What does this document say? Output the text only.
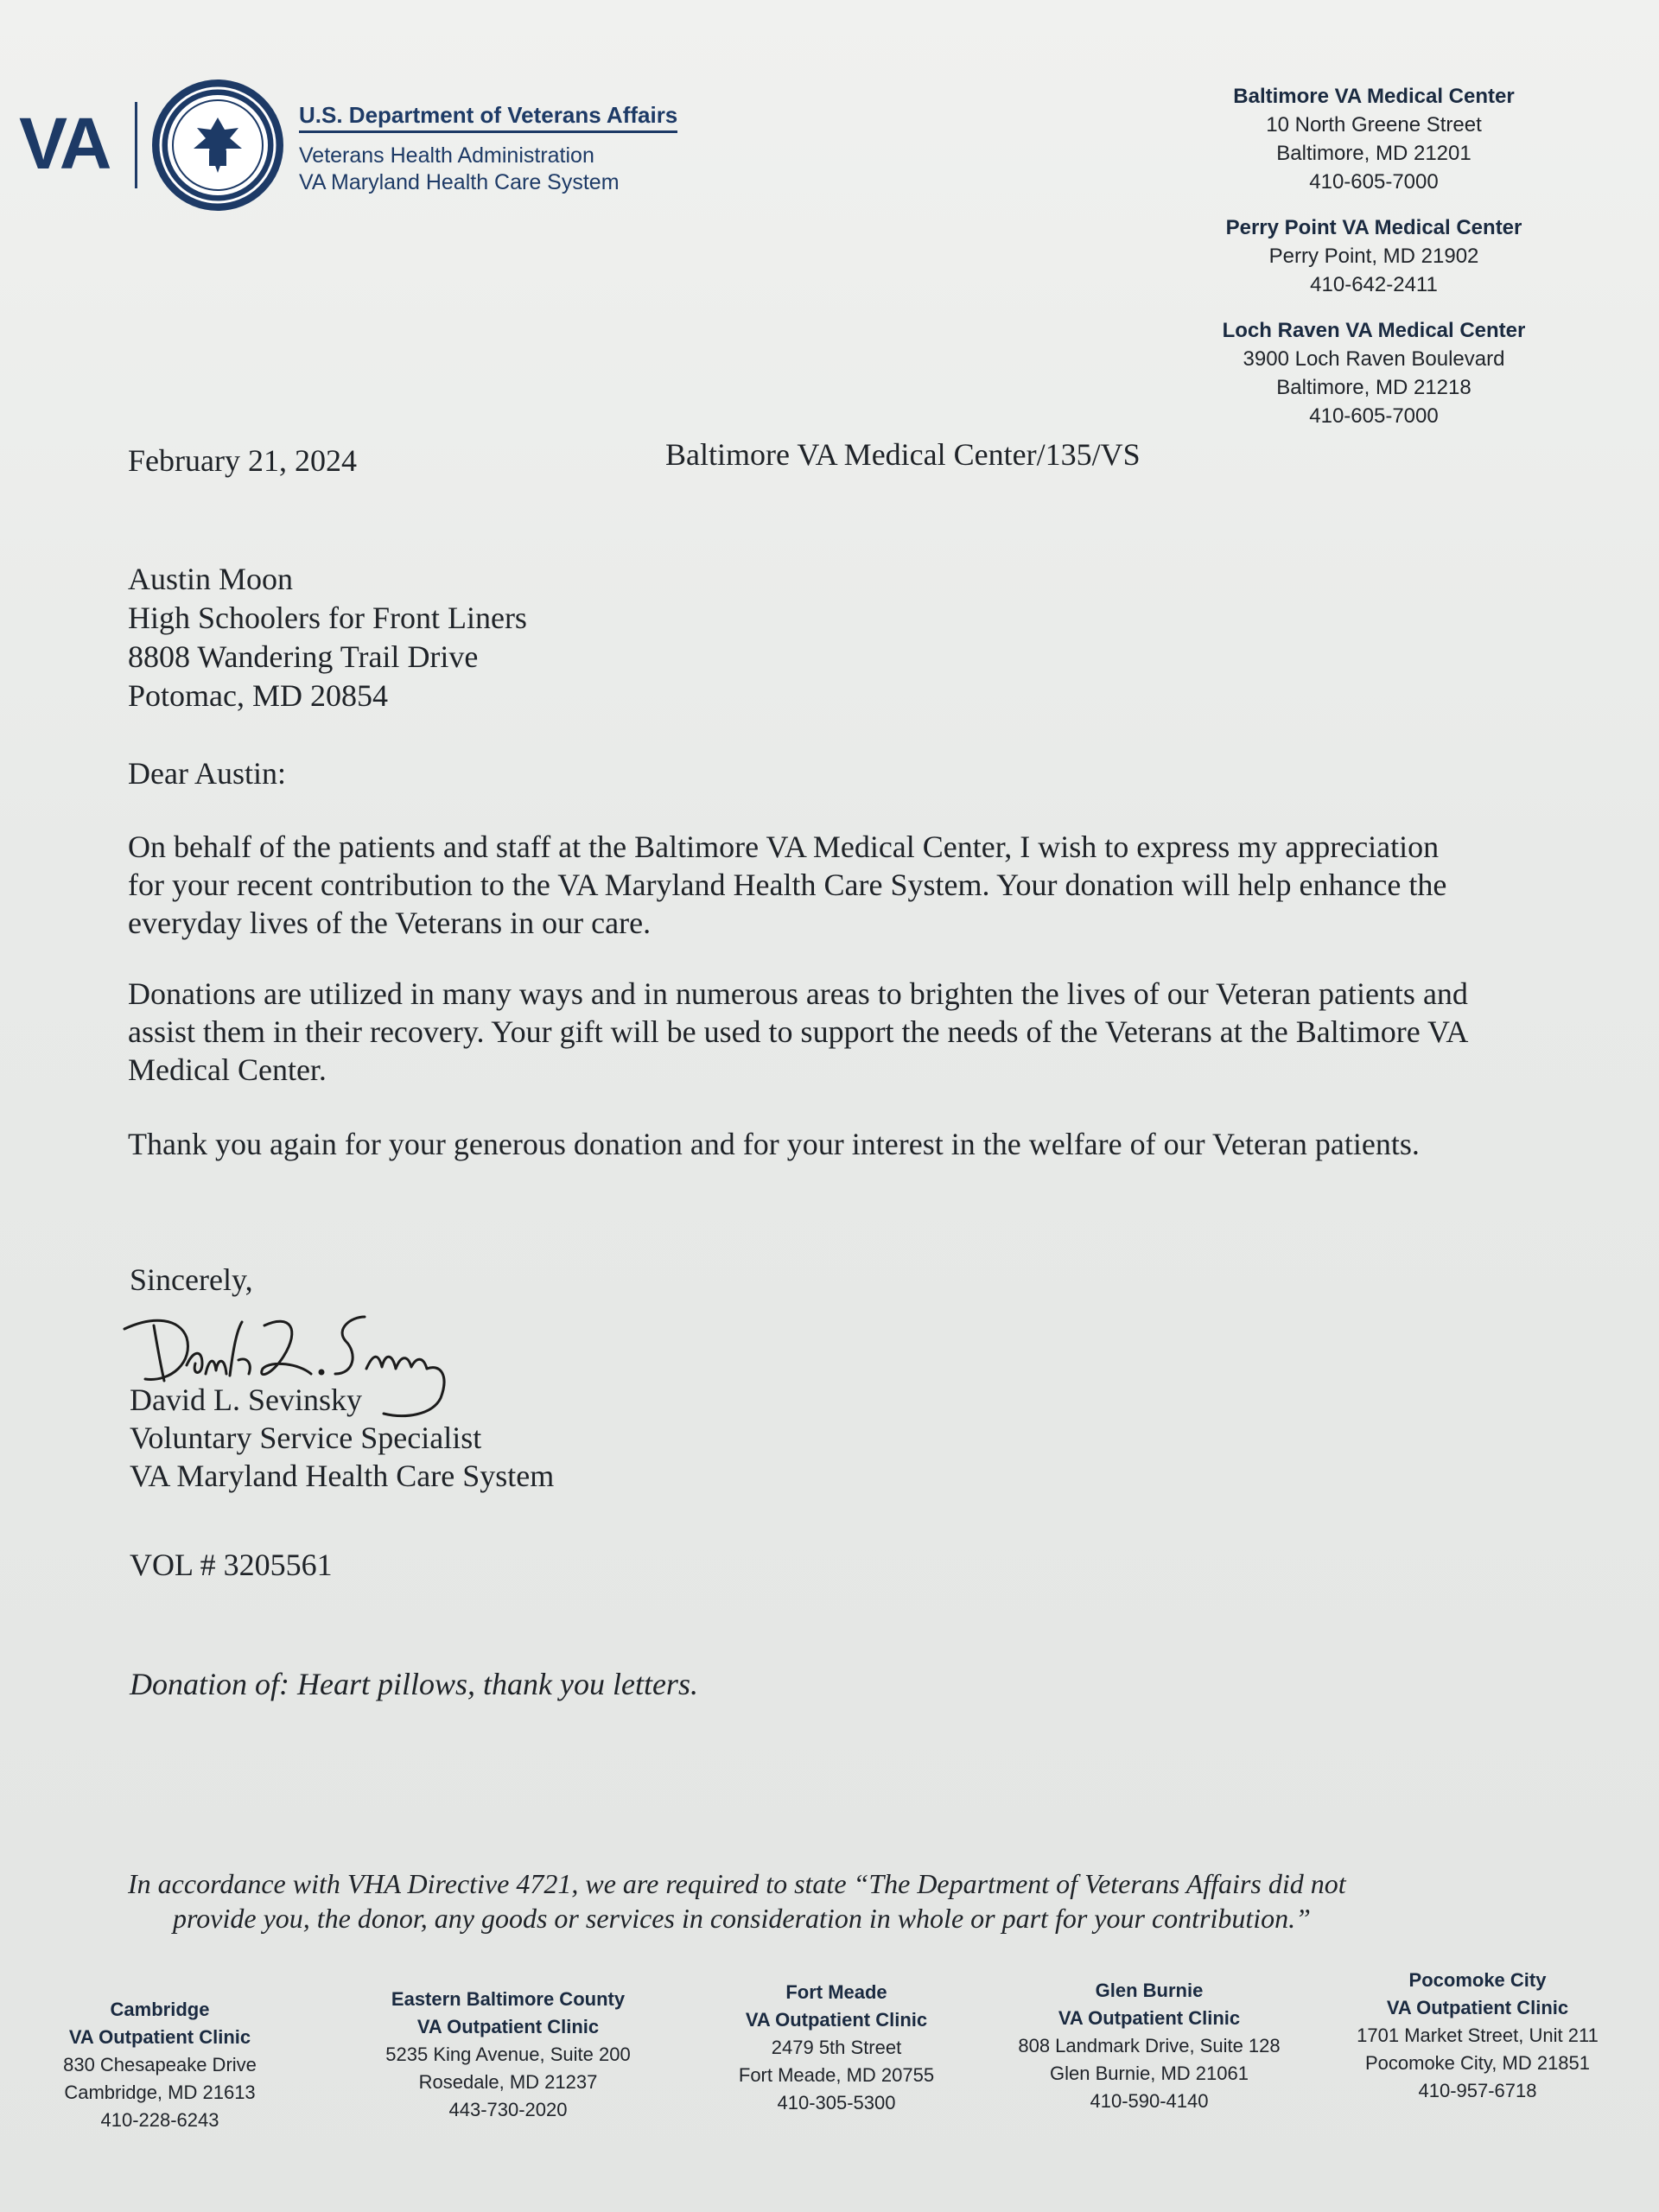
VA	U.S. Department of Veterans Affairs
Veterans Health Administration
VA Maryland Health Care System
Baltimore VA Medical Center
10 North Greene Street
Baltimore, MD 21201
410-605-7000
Perry Point VA Medical Center
Perry Point, MD 21902
410-642-2411
Loch Raven VA Medical Center
3900 Loch Raven Boulevard
Baltimore, MD 21218
410-605-7000
February 21, 2024	Baltimore VA Medical Center/135/VS
Austin Moon
High Schoolers for Front Liners
8808 Wandering Trail Drive
Potomac, MD 20854
Dear Austin:
On behalf of the patients and staff at the Baltimore VA Medical Center, I wish to express my appreciation for your recent contribution to the VA Maryland Health Care System. Your donation will help enhance the everyday lives of the Veterans in our care.
Donations are utilized in many ways and in numerous areas to brighten the lives of our Veteran patients and assist them in their recovery. Your gift will be used to support the needs of the Veterans at the Baltimore VA Medical Center.
Thank you again for your generous donation and for your interest in the welfare of our Veteran patients.
Sincerely,
David L. Sevinsky
Voluntary Service Specialist
VA Maryland Health Care System
VOL # 3205561
Donation of: Heart pillows, thank you letters.
In accordance with VHA Directive 4721, we are required to state “The Department of Veterans Affairs did not
provide you, the donor, any goods or services in consideration in whole or part for your contribution.”
Cambridge
VA Outpatient Clinic
830 Chesapeake Drive
Cambridge, MD 21613
410-228-6243
Eastern Baltimore County
VA Outpatient Clinic
5235 King Avenue, Suite 200
Rosedale, MD 21237
443-730-2020
Fort Meade
VA Outpatient Clinic
2479 5th Street
Fort Meade, MD 20755
410-305-5300
Glen Burnie
VA Outpatient Clinic
808 Landmark Drive, Suite 128
Glen Burnie, MD 21061
410-590-4140
Pocomoke City
VA Outpatient Clinic
1701 Market Street, Unit 211
Pocomoke City, MD 21851
410-957-6718
